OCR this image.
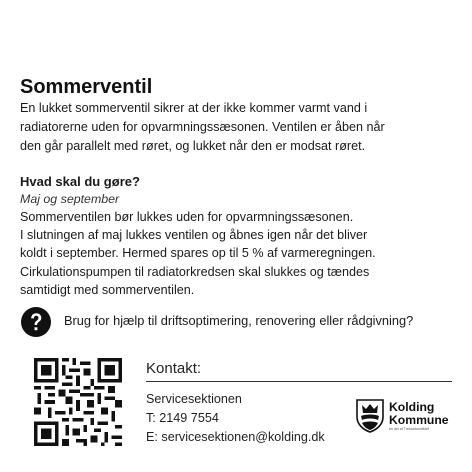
Sommerventil

En lukket sommerventil sikrer at der ikke kommer varmt vand i
radiatorerne uden for opvarmningssæsonen. Ventilen er åben når
den går parallelt med røret, og lukket når den er modsat røret.

Hvad skal du gøre?

Maj og september

Sommerventilen bør lukkes uden for opvarmningssæsonen.
I slutningen af maj lukkes ventilen og åbnes igen når det bliver
koldt i september. Hermed spares op til 5 % af varmeregningen.
Cirkulationspumpen til radiatorkredsen skal slukkes og tændes
samtidigt med sommerventilen.

Brug for hjælp til driftsoptimering, renovering eller rådgivning?
Kontakt:
Servicesektionen
T: 2149 7554
E: servicesektionen@kolding.dk
Kolding
Kommune
en del af Trekantområdet
